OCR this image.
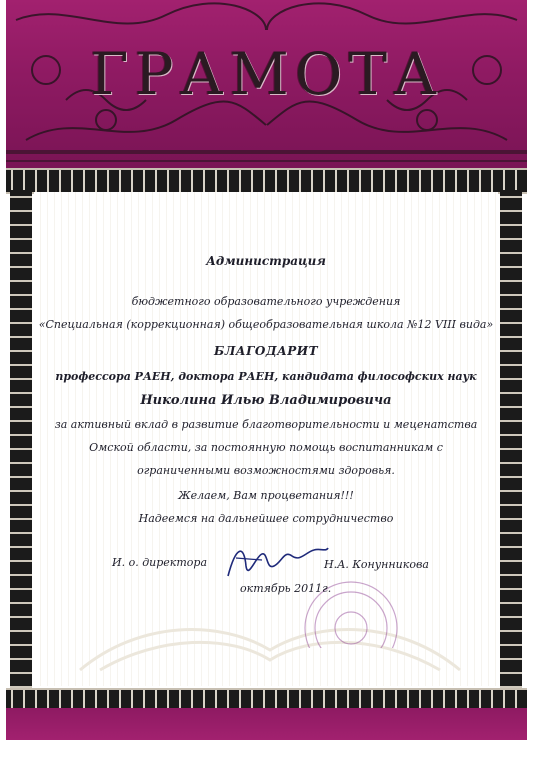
ГРАМОТА
Администрация
бюджетного образовательного учреждения
«Специальная (коррекционная) общеобразовательная школа №12 VIII вида»
БЛАГОДАРИТ
профессора РАЕН, доктора РАЕН, кандидата философских наук
Николина Илью Владимировича
за активный вклад в развитие благотворительности и меценатства
Омской области, за постоянную помощь воспитанникам с
ограниченными возможностями здоровья.
Желаем, Вам процветания!!!
Надеемся на дальнейшее сотрудничество
И. о. директора	Н.А. Конунникова
октябрь 2011г.
